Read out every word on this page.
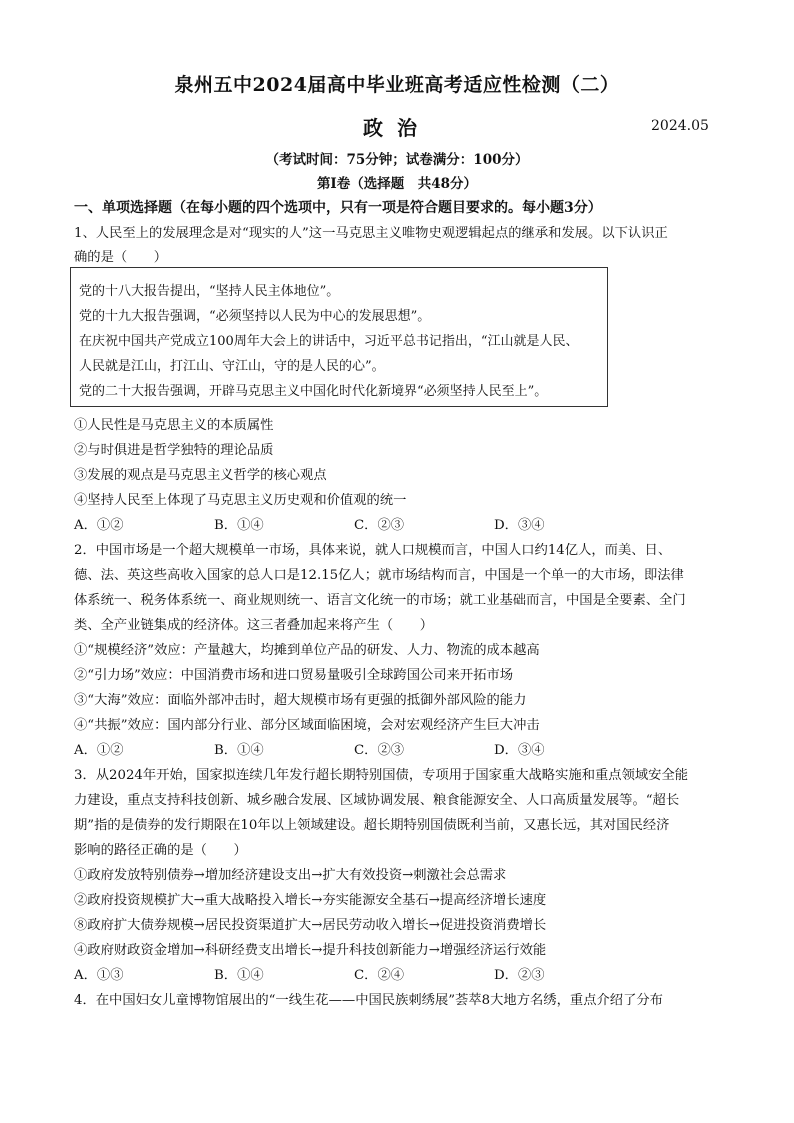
泉州五中2024届高中毕业班高考适应性检测（二）
政治	2024.05
（考试时间：75分钟；试卷满分：100分）
第Ⅰ卷（选择题　共48分）
一、单项选择题（在每小题的四个选项中，只有一项是符合题目要求的。每小题3分）
1、人民至上的发展理念是对“现实的人”这一马克思主义唯物史观逻辑起点的继承和发展。以下认识正
确的是（　　）
党的十八大报告提出，“坚持人民主体地位”。
党的十九大报告强调，“必须坚持以人民为中心的发展思想”。
在庆祝中国共产党成立100周年大会上的讲话中，习近平总书记指出，“江山就是人民、
人民就是江山，打江山、守江山，守的是人民的心”。
党的二十大报告强调，开辟马克思主义中国化时代化新境界“必须坚持人民至上”。
①人民性是马克思主义的本质属性
②与时俱进是哲学独特的理论品质
③发展的观点是马克思主义哲学的核心观点
④坚持人民至上体现了马克思主义历史观和价值观的统一
A．①②	B．①④	C．②③	D．③④
2．中国市场是一个超大规模单一市场，具体来说，就人口规模而言，中国人口约14亿人，而美、日、
德、法、英这些高收入国家的总人口是12.15亿人；就市场结构而言，中国是一个单一的大市场，即法律
体系统一、税务体系统一、商业规则统一、语言文化统一的市场；就工业基础而言，中国是全要素、全门
类、全产业链集成的经济体。这三者叠加起来将产生（　　）
①“规模经济”效应：产量越大，均摊到单位产品的研发、人力、物流的成本越高
②“引力场”效应：中国消费市场和进口贸易量吸引全球跨国公司来开拓市场
③“大海”效应：面临外部冲击时，超大规模市场有更强的抵御外部风险的能力
④“共振”效应：国内部分行业、部分区域面临困境，会对宏观经济产生巨大冲击
A．①②	B．①④	C．②③	D．③④
3．从2024年开始，国家拟连续几年发行超长期特别国债，专项用于国家重大战略实施和重点领域安全能
力建设，重点支持科技创新、城乡融合发展、区域协调发展、粮食能源安全、人口高质量发展等。“超长
期”指的是债券的发行期限在10年以上领域建设。超长期特别国债既利当前，又惠长远，其对国民经济
影响的路径正确的是（　　）
①政府发放特别债券→增加经济建设支出→扩大有效投资→刺激社会总需求
②政府投资规模扩大→重大战略投入增长→夯实能源安全基石→提高经济增长速度
⑧政府扩大债券规模→居民投资渠道扩大→居民劳动收入增长→促进投资消费增长
④政府财政资金增加→科研经费支出增长→提升科技创新能力→增强经济运行效能
A．①③	B．①④	C．②④	D．②③
4．在中国妇女儿童博物馆展出的“一线生花——中国民族刺绣展”荟萃8大地方名绣，重点介绍了分布
